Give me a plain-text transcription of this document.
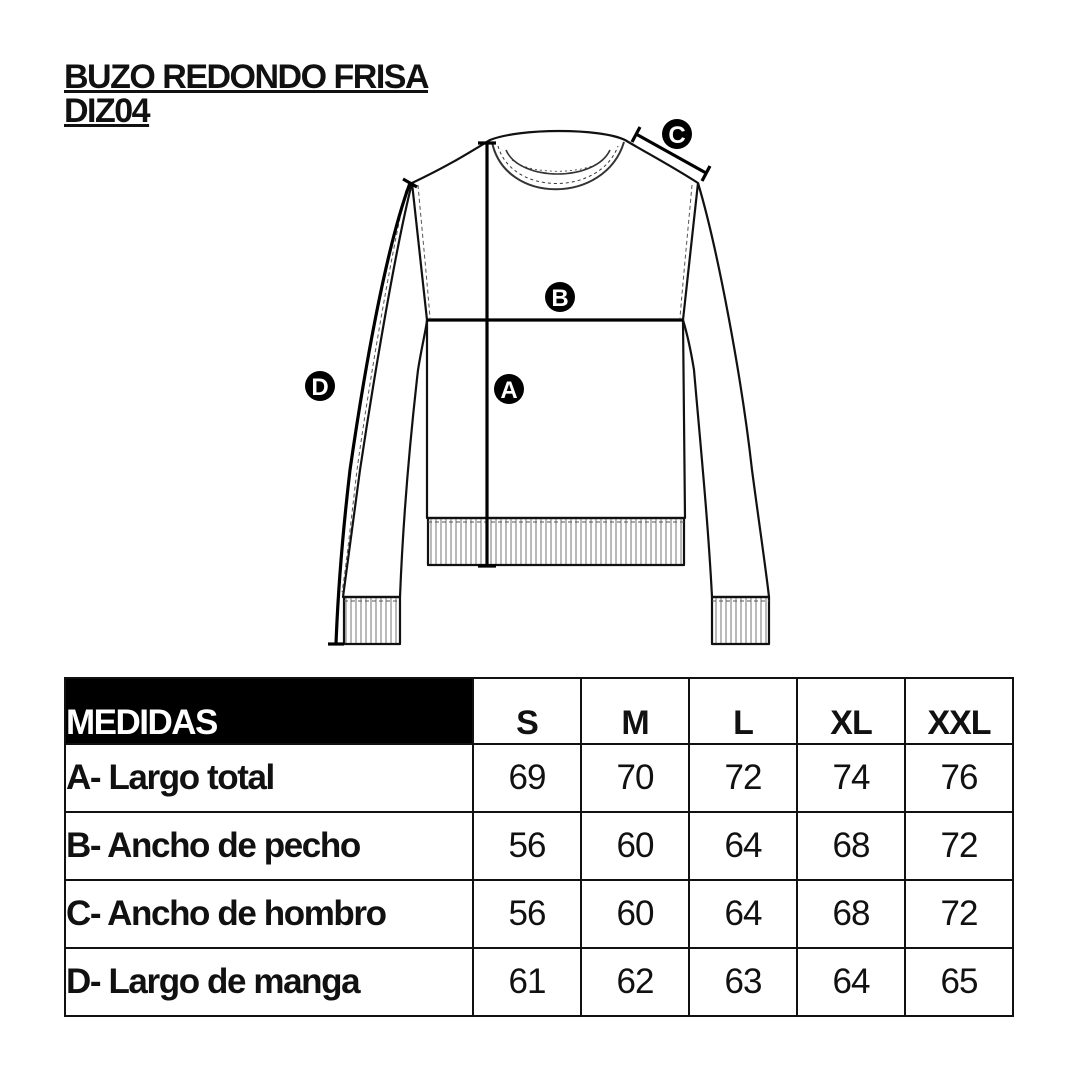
BUZO REDONDO FRISA
DIZ04
A
B
C
D
MEDIDAS	S	M	L	XL	XXL
A- Largo total	69	70	72	74	76
B- Ancho de pecho	56	60	64	68	72
C- Ancho de hombro	56	60	64	68	72
D- Largo de manga	61	62	63	64	65
